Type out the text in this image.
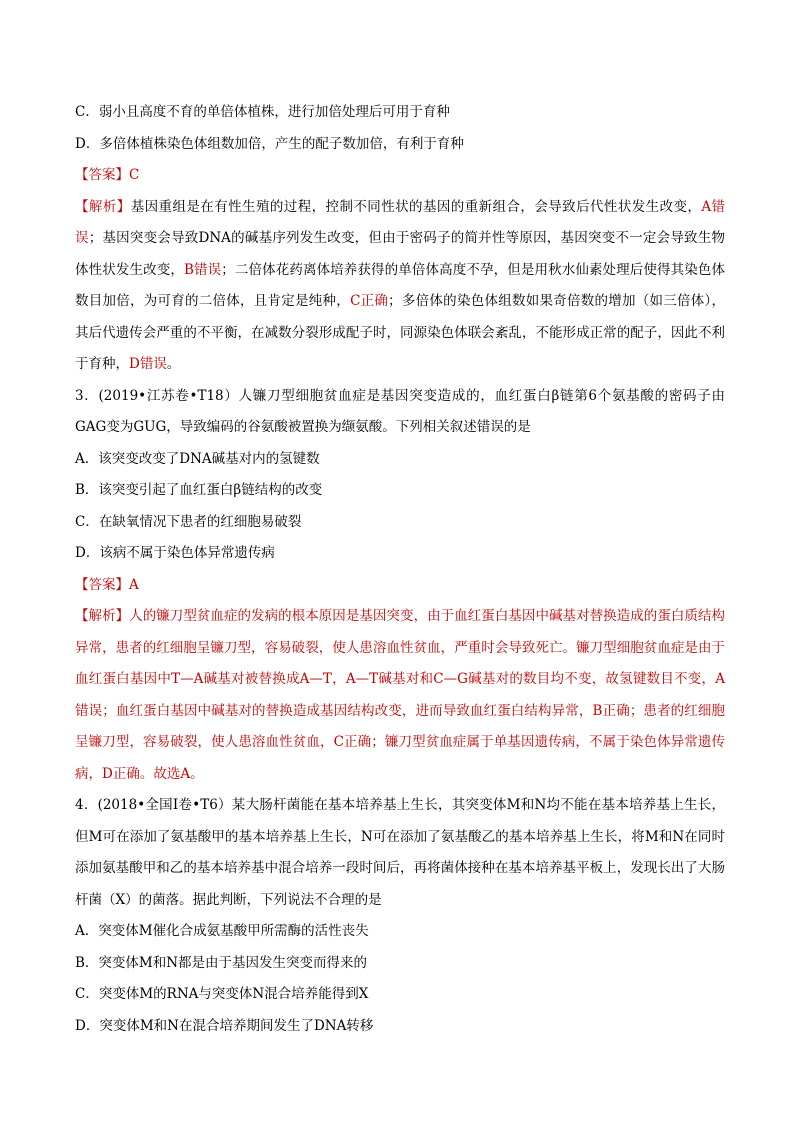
C．弱小且高度不育的单倍体植株，进行加倍处理后可用于育种
D．多倍体植株染色体组数加倍，产生的配子数加倍，有利于育种
【答案】C
【解析】基因重组是在有性生殖的过程，控制不同性状的基因的重新组合，会导致后代性状发生改变，A错误；基因突变会导致DNA的碱基序列发生改变，但由于密码子的简并性等原因，基因突变不一定会导致生物体性状发生改变，B错误；二倍体花药离体培养获得的单倍体高度不孕，但是用秋水仙素处理后使得其染色体数目加倍，为可育的二倍体，且肯定是纯种，C正确；多倍体的染色体组数如果奇倍数的增加（如三倍体），其后代遗传会严重的不平衡，在减数分裂形成配子时，同源染色体联会紊乱，不能形成正常的配子，因此不利于育种，D错误。
3．(2019•江苏卷•T18）人镰刀型细胞贫血症是基因突变造成的，血红蛋白β链第6个氨基酸的密码子由GAG变为GUG，导致编码的谷氨酸被置换为缬氨酸。下列相关叙述错误的是
A．该突变改变了DNA碱基对内的氢键数
B．该突变引起了血红蛋白β链结构的改变
C．在缺氧情况下患者的红细胞易破裂
D．该病不属于染色体异常遗传病
【答案】A
【解析】人的镰刀型贫血症的发病的根本原因是基因突变，由于血红蛋白基因中碱基对替换造成的蛋白质结构异常，患者的红细胞呈镰刀型，容易破裂，使人患溶血性贫血，严重时会导致死亡。镰刀型细胞贫血症是由于血红蛋白基因中T—A碱基对被替换成A—T，A—T碱基对和C—G碱基对的数目均不变，故氢键数目不变，A错误；血红蛋白基因中碱基对的替换造成基因结构改变，进而导致血红蛋白结构异常，B正确；患者的红细胞呈镰刀型，容易破裂，使人患溶血性贫血，C正确；镰刀型贫血症属于单基因遗传病，不属于染色体异常遗传病，D正确。故选A。
4．(2018•全国Ⅰ卷•T6）某大肠杆菌能在基本培养基上生长，其突变体M和N均不能在基本培养基上生长，但M可在添加了氨基酸甲的基本培养基上生长，N可在添加了氨基酸乙的基本培养基上生长，将M和N在同时添加氨基酸甲和乙的基本培养基中混合培养一段时间后，再将菌体接种在基本培养基平板上，发现长出了大肠杆菌（X）的菌落。据此判断，下列说法不合理的是
A．突变体M催化合成氨基酸甲所需酶的活性丧失
B．突变体M和N都是由于基因发生突变而得来的
C．突变体M的RNA与突变体N混合培养能得到X
D．突变体M和N在混合培养期间发生了DNA转移
